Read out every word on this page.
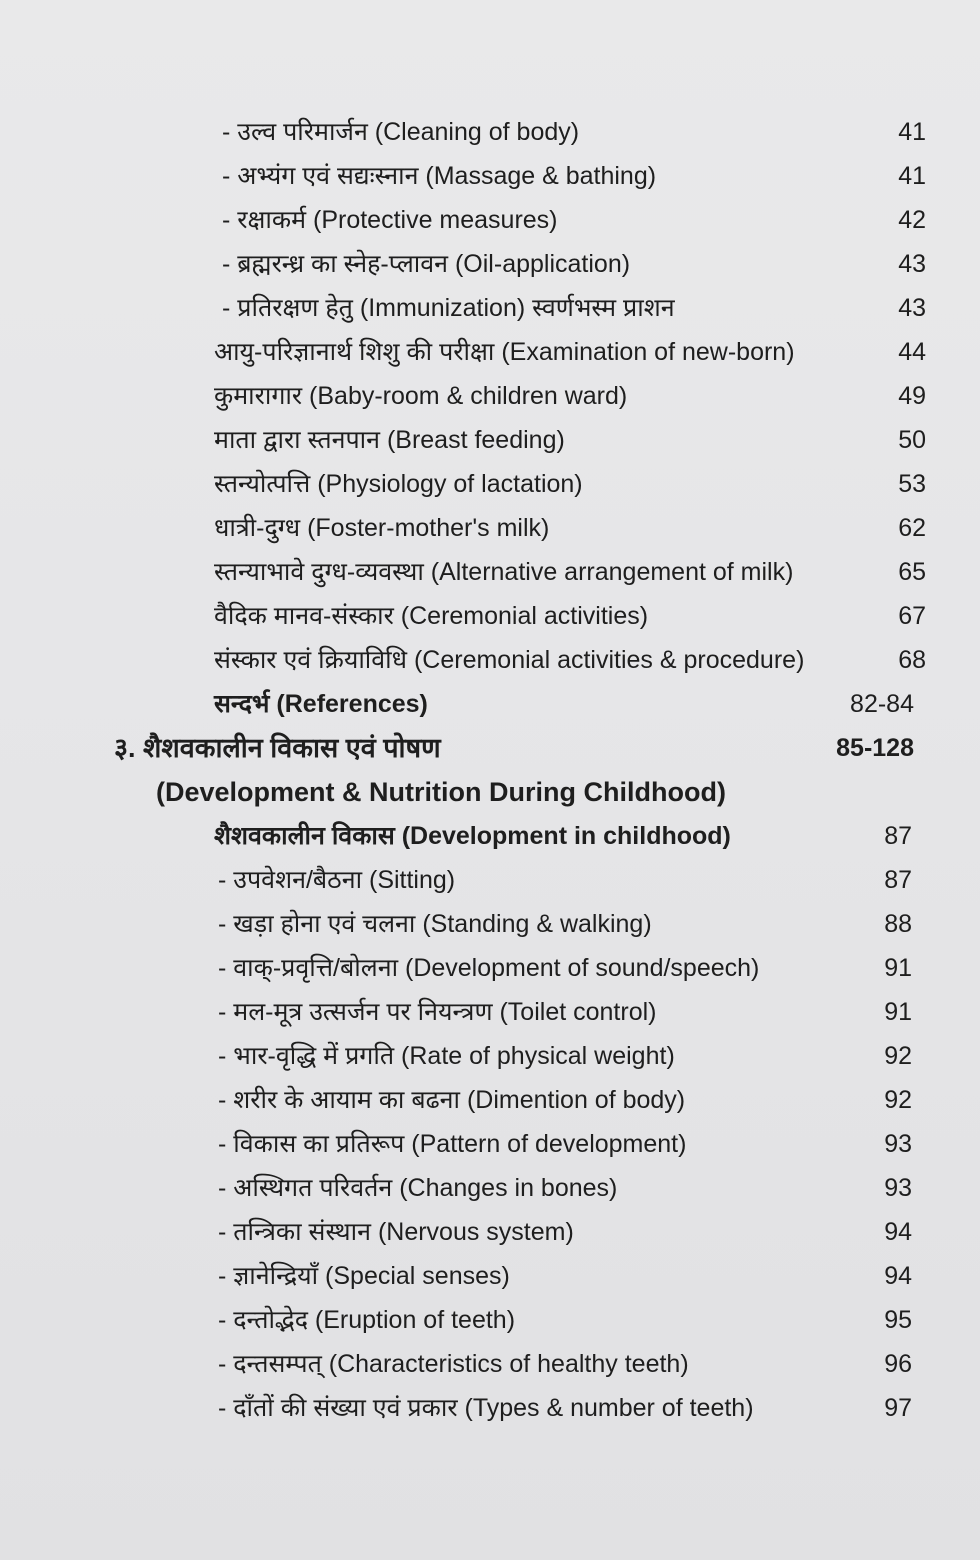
- उल्व परिमार्जन (Cleaning of body)	41
- अभ्यंग एवं सद्यःस्नान (Massage & bathing)	41
- रक्षाकर्म (Protective measures)	42
- ब्रह्मरन्ध्र का स्नेह-प्लावन (Oil-application)	43
- प्रतिरक्षण हेतु (Immunization) स्वर्णभस्म प्राशन	43
आयु-परिज्ञानार्थ शिशु की परीक्षा (Examination of new-born)	44
कुमारागार (Baby-room & children ward)	49
माता द्वारा स्तनपान (Breast feeding)	50
स्तन्योत्पत्ति (Physiology of lactation)	53
धात्री-दुग्ध (Foster-mother's milk)	62
स्तन्याभावे दुग्ध-व्यवस्था (Alternative arrangement of milk)	65
वैदिक मानव-संस्कार (Ceremonial activities)	67
संस्कार एवं क्रियाविधि (Ceremonial activities & procedure)	68
सन्दर्भ (References)	82-84
३. शैशवकालीन विकास एवं पोषण	85-128
(Development & Nutrition During Childhood)
शैशवकालीन विकास (Development in childhood)	87
- उपवेशन/बैठना (Sitting)	87
- खड़ा होना एवं चलना (Standing & walking)	88
- वाक्-प्रवृत्ति/बोलना (Development of sound/speech)	91
- मल-मूत्र उत्सर्जन पर नियन्त्रण (Toilet control)	91
- भार-वृद्धि में प्रगति (Rate of physical weight)	92
- शरीर के आयाम का बढना (Dimention of body)	92
- विकास का प्रतिरूप (Pattern of development)	93
- अस्थिगत परिवर्तन (Changes in bones)	93
- तन्त्रिका संस्थान (Nervous system)	94
- ज्ञानेन्द्रियाँ (Special senses)	94
- दन्तोद्भेद (Eruption of teeth)	95
- दन्तसम्पत् (Characteristics of healthy teeth)	96
- दाँतों की संख्या एवं प्रकार (Types & number of teeth)	97
